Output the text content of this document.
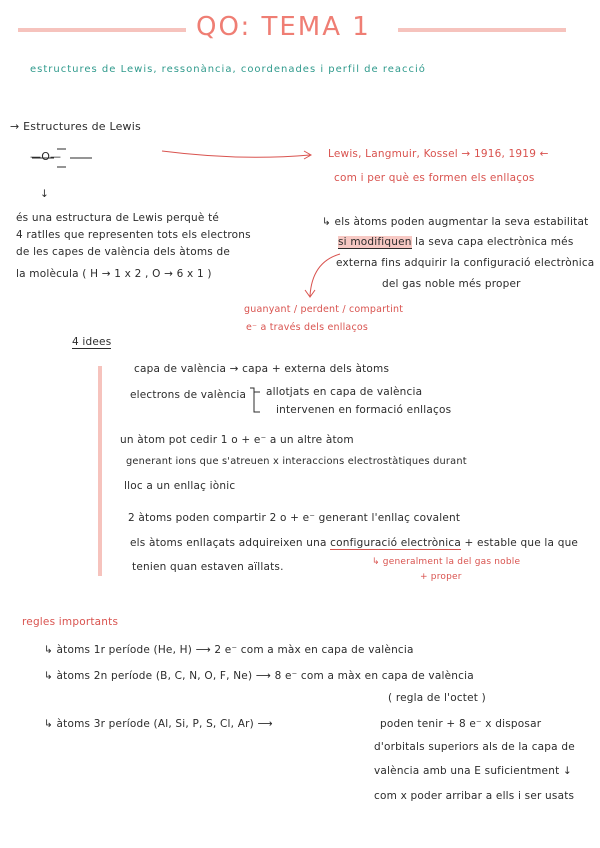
QO: TEMA 1
estructures de Lewis, ressonància, coordenades i perfil de reacció
→ Estructures de Lewis
—O—
↓
és una estructura de Lewis perquè té
4 ratlles que representen tots els electrons
de les capes de valència dels àtoms de
la molècula ( H → 1 x 2 , O → 6 x 1 )
Lewis, Langmuir, Kossel → 1916, 1919 ←
com i per què es formen els enllaços
↳ els àtoms poden augmentar la seva estabilitat
si modifiquen la seva capa electrònica més
externa fins adquirir la configuració electrònica
del gas noble més proper
guanyant / perdent / compartint
e⁻ a través dels enllaços
4 idees
capa de valència → capa + externa dels àtoms
electrons de valència allotjats en capa de valència
intervenen en formació enllaços
un àtom pot cedir 1 o + e⁻ a un altre àtom
generant ions que s'atreuen x interaccions electrostàtiques durant
lloc a un enllaç iònic
2 àtoms poden compartir 2 o + e⁻ generant l'enllaç covalent
els àtoms enllaçats adquireixen una configuració electrònica + estable que la que
tenien quan estaven aïllats.	↳ generalment la del gas noble
+ proper
regles importants
↳ àtoms 1r període (He, H) ⟶ 2 e⁻ com a màx en capa de valència
↳ àtoms 2n període (B, C, N, O, F, Ne) ⟶ 8 e⁻ com a màx en capa de valència
( regla de l'octet )
↳ àtoms 3r període (Al, Si, P, S, Cl, Ar) ⟶	poden tenir + 8 e⁻ x disposar
d'orbitals superiors als de la capa de
valència amb una E suficientment ↓
com x poder arribar a ells i ser usats
